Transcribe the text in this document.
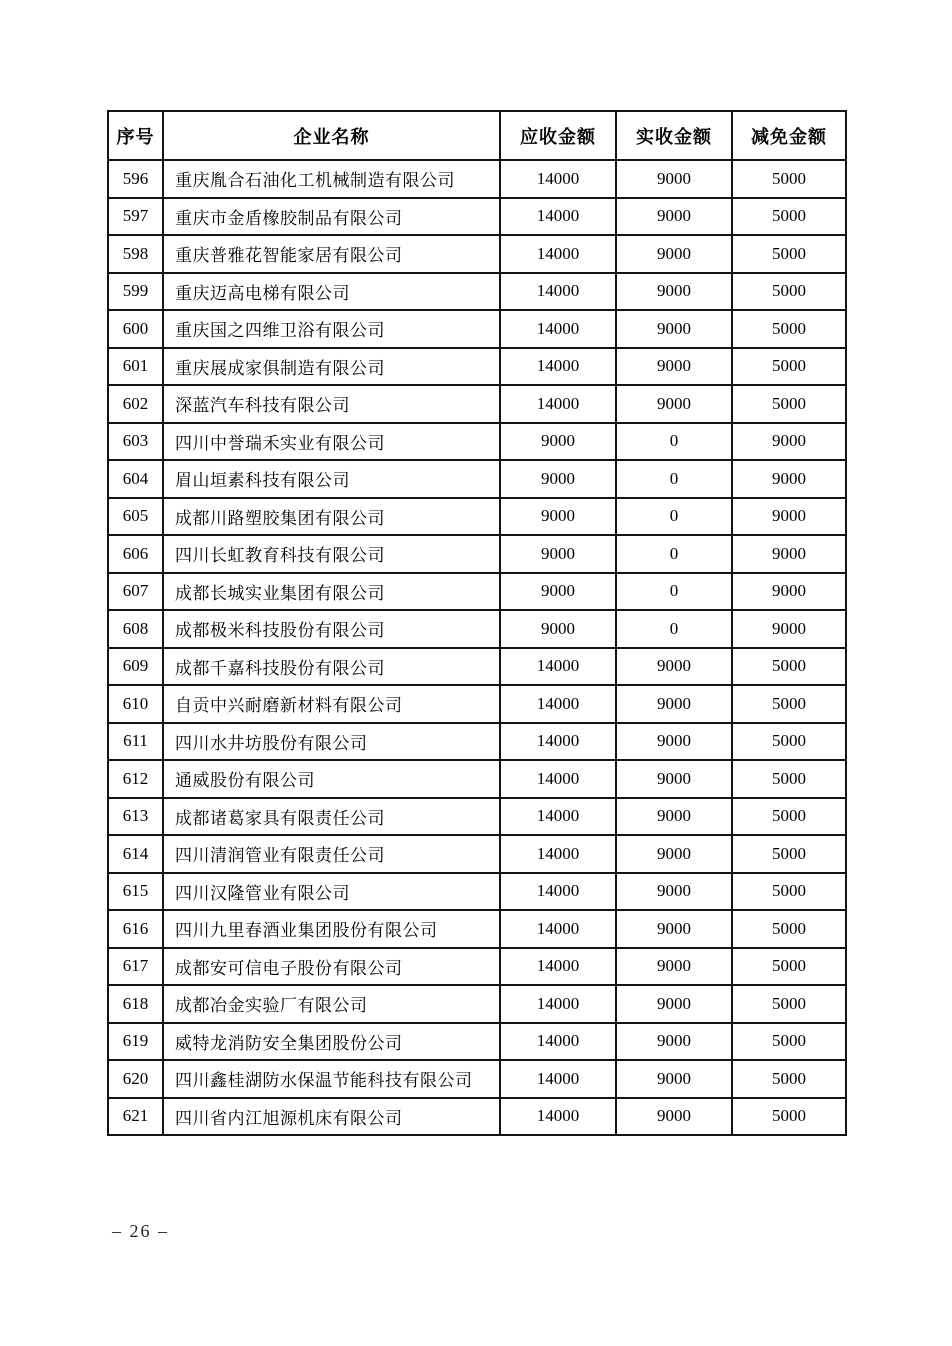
序号	企业名称	应收金额	实收金额	减免金额
596	重庆胤合石油化工机械制造有限公司	14000	9000	5000
597	重庆市金盾橡胶制品有限公司	14000	9000	5000
598	重庆普雅花智能家居有限公司	14000	9000	5000
599	重庆迈高电梯有限公司	14000	9000	5000
600	重庆国之四维卫浴有限公司	14000	9000	5000
601	重庆展成家俱制造有限公司	14000	9000	5000
602	深蓝汽车科技有限公司	14000	9000	5000
603	四川中誉瑞禾实业有限公司	9000	0	9000
604	眉山垣素科技有限公司	9000	0	9000
605	成都川路塑胶集团有限公司	9000	0	9000
606	四川长虹教育科技有限公司	9000	0	9000
607	成都长城实业集团有限公司	9000	0	9000
608	成都极米科技股份有限公司	9000	0	9000
609	成都千嘉科技股份有限公司	14000	9000	5000
610	自贡中兴耐磨新材料有限公司	14000	9000	5000
611	四川水井坊股份有限公司	14000	9000	5000
612	通威股份有限公司	14000	9000	5000
613	成都诸葛家具有限责任公司	14000	9000	5000
614	四川清润管业有限责任公司	14000	9000	5000
615	四川汉隆管业有限公司	14000	9000	5000
616	四川九里春酒业集团股份有限公司	14000	9000	5000
617	成都安可信电子股份有限公司	14000	9000	5000
618	成都冶金实验厂有限公司	14000	9000	5000
619	威特龙消防安全集团股份公司	14000	9000	5000
620	四川鑫桂湖防水保温节能科技有限公司	14000	9000	5000
621	四川省内江旭源机床有限公司	14000	9000	5000
– 26 –
